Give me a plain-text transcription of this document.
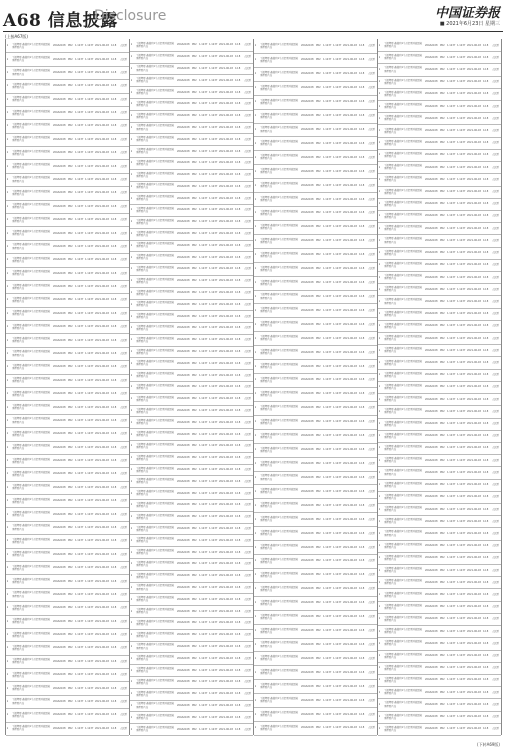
A68 信息披露
Disclosure	中国证券报
■ 2021年6月23日 星期三
(上接A67版)
9	工银理财·鑫稳利1个月定期开放固收类理财产品
20GS2108	PR2 1.1237 1.1237 2021-06-18 12.8	人民币
9	工银理财·鑫稳利1个月定期开放固收类理财产品
20GS2108	PR2 1.1237 1.1237 2021-06-18 12.8	人民币
9	工银理财·鑫稳利1个月定期开放固收类理财产品
20GS2108	PR2 1.1237 1.1237 2021-06-18 12.8	人民币
9	工银理财·鑫稳利1个月定期开放固收类理财产品
20GS2108	PR2 1.1237 1.1237 2021-06-18 12.8	人民币
9	工银理财·鑫稳利1个月定期开放固收类理财产品
20GS2108	PR2 1.1237 1.1237 2021-06-18 12.8	人民币
9	工银理财·鑫稳利1个月定期开放固收类理财产品
20GS2108	PR2 1.1237 1.1237 2021-06-18 12.8	人民币
9	工银理财·鑫稳利1个月定期开放固收类理财产品
20GS2108	PR2 1.1237 1.1237 2021-06-18 12.8	人民币
9	工银理财·鑫稳利1个月定期开放固收类理财产品
20GS2108	PR2 1.1237 1.1237 2021-06-18 12.8	人民币
9	工银理财·鑫稳利1个月定期开放固收类理财产品
20GS2108	PR2 1.1237 1.1237 2021-06-18 12.8	人民币
9	工银理财·鑫稳利1个月定期开放固收类理财产品
20GS2108	PR2 1.1237 1.1237 2021-06-18 12.8	人民币
9	工银理财·鑫稳利1个月定期开放固收类理财产品
20GS2108	PR2 1.1237 1.1237 2021-06-18 12.8	人民币
9	工银理财·鑫稳利1个月定期开放固收类理财产品
20GS2108	PR2 1.1237 1.1237 2021-06-18 12.8	人民币
9	工银理财·鑫稳利1个月定期开放固收类理财产品
20GS2108	PR2 1.1237 1.1237 2021-06-18 12.8	人民币
9	工银理财·鑫稳利1个月定期开放固收类理财产品
20GS2108	PR2 1.1237 1.1237 2021-06-18 12.8	人民币
9	工银理财·鑫稳利1个月定期开放固收类理财产品
20GS2108	PR2 1.1237 1.1237 2021-06-18 12.8	人民币
9	工银理财·鑫稳利1个月定期开放固收类理财产品
20GS2108	PR2 1.1237 1.1237 2021-06-18 12.8	人民币
9	工银理财·鑫稳利1个月定期开放固收类理财产品
20GS2108	PR2 1.1237 1.1237 2021-06-18 12.8	人民币
9	工银理财·鑫稳利1个月定期开放固收类理财产品
20GS2108	PR2 1.1237 1.1237 2021-06-18 12.8	人民币
9	工银理财·鑫稳利1个月定期开放固收类理财产品
20GS2108	PR2 1.1237 1.1237 2021-06-18 12.8	人民币
9	工银理财·鑫稳利1个月定期开放固收类理财产品
20GS2108	PR2 1.1237 1.1237 2021-06-18 12.8	人民币
9	工银理财·鑫稳利1个月定期开放固收类理财产品
20GS2108	PR2 1.1237 1.1237 2021-06-18 12.8	人民币
9	工银理财·鑫稳利1个月定期开放固收类理财产品
20GS2108	PR2 1.1237 1.1237 2021-06-18 12.8	人民币
9	工银理财·鑫稳利1个月定期开放固收类理财产品
20GS2108	PR2 1.1237 1.1237 2021-06-18 12.8	人民币
9	工银理财·鑫稳利1个月定期开放固收类理财产品
20GS2108	PR2 1.1237 1.1237 2021-06-18 12.8	人民币
9	工银理财·鑫稳利1个月定期开放固收类理财产品
20GS2108	PR2 1.1237 1.1237 2021-06-18 12.8	人民币
9	工银理财·鑫稳利1个月定期开放固收类理财产品
20GS2108	PR2 1.1237 1.1237 2021-06-18 12.8	人民币
9	工银理财·鑫稳利1个月定期开放固收类理财产品
20GS2108	PR2 1.1237 1.1237 2021-06-18 12.8	人民币
9	工银理财·鑫稳利1个月定期开放固收类理财产品
20GS2108	PR2 1.1237 1.1237 2021-06-18 12.8	人民币
9	工银理财·鑫稳利1个月定期开放固收类理财产品
20GS2108	PR2 1.1237 1.1237 2021-06-18 12.8	人民币
9	工银理财·鑫稳利1个月定期开放固收类理财产品
20GS2108	PR2 1.1237 1.1237 2021-06-18 12.8	人民币
9	工银理财·鑫稳利1个月定期开放固收类理财产品
20GS2108	PR2 1.1237 1.1237 2021-06-18 12.8	人民币
9	工银理财·鑫稳利1个月定期开放固收类理财产品
20GS2108	PR2 1.1237 1.1237 2021-06-18 12.8	人民币
9	工银理财·鑫稳利1个月定期开放固收类理财产品
20GS2108	PR2 1.1237 1.1237 2021-06-18 12.8	人民币
9	工银理财·鑫稳利1个月定期开放固收类理财产品
20GS2108	PR2 1.1237 1.1237 2021-06-18 12.8	人民币
9	工银理财·鑫稳利1个月定期开放固收类理财产品
20GS2108	PR2 1.1237 1.1237 2021-06-18 12.8	人民币
9	工银理财·鑫稳利1个月定期开放固收类理财产品
20GS2108	PR2 1.1237 1.1237 2021-06-18 12.8	人民币
9	工银理财·鑫稳利1个月定期开放固收类理财产品
20GS2108	PR2 1.1237 1.1237 2021-06-18 12.8	人民币
9	工银理财·鑫稳利1个月定期开放固收类理财产品
20GS2108	PR2 1.1237 1.1237 2021-06-18 12.8	人民币
9	工银理财·鑫稳利1个月定期开放固收类理财产品
20GS2108	PR2 1.1237 1.1237 2021-06-18 12.8	人民币
9	工银理财·鑫稳利1个月定期开放固收类理财产品
20GS2108	PR2 1.1237 1.1237 2021-06-18 12.8	人民币
9	工银理财·鑫稳利1个月定期开放固收类理财产品
20GS2108	PR2 1.1237 1.1237 2021-06-18 12.8	人民币
9	工银理财·鑫稳利1个月定期开放固收类理财产品
20GS2108	PR2 1.1237 1.1237 2021-06-18 12.8	人民币
9	工银理财·鑫稳利1个月定期开放固收类理财产品
20GS2108	PR2 1.1237 1.1237 2021-06-18 12.8	人民币
9	工银理财·鑫稳利1个月定期开放固收类理财产品
20GS2108	PR2 1.1237 1.1237 2021-06-18 12.8	人民币
9	工银理财·鑫稳利1个月定期开放固收类理财产品
20GS2108	PR2 1.1237 1.1237 2021-06-18 12.8	人民币
9	工银理财·鑫稳利1个月定期开放固收类理财产品
20GS2108	PR2 1.1237 1.1237 2021-06-18 12.8	人民币
9	工银理财·鑫稳利1个月定期开放固收类理财产品
20GS2108	PR2 1.1237 1.1237 2021-06-18 12.8	人民币
9	工银理财·鑫稳利1个月定期开放固收类理财产品
20GS2108	PR2 1.1237 1.1237 2021-06-18 12.8	人民币
9	工银理财·鑫稳利1个月定期开放固收类理财产品
20GS2108	PR2 1.1237 1.1237 2021-06-18 12.8	人民币
9	工银理财·鑫稳利1个月定期开放固收类理财产品
20GS2108	PR2 1.1237 1.1237 2021-06-18 12.8	人民币
9	工银理财·鑫稳利1个月定期开放固收类理财产品
20GS2108	PR2 1.1237 1.1237 2021-06-18 12.8	人民币
9	工银理财·鑫稳利1个月定期开放固收类理财产品
20GS2108	PR2 1.1237 1.1237 2021-06-18 12.8	人民币
9	工银理财·鑫稳利1个月定期开放固收类理财产品
20GS2108	PR2 1.1237 1.1237 2021-06-18 12.8	人民币
9	工银理财·鑫稳利1个月定期开放固收类理财产品
20GS2108	PR2 1.1237 1.1237 2021-06-18 12.8	人民币
9	工银理财·鑫稳利1个月定期开放固收类理财产品
20GS2108	PR2 1.1237 1.1237 2021-06-18 12.8	人民币
9	工银理财·鑫稳利1个月定期开放固收类理财产品
20GS2108	PR2 1.1237 1.1237 2021-06-18 12.8	人民币
9	工银理财·鑫稳利1个月定期开放固收类理财产品
20GS2108	PR2 1.1237 1.1237 2021-06-18 12.8	人民币
9	工银理财·鑫稳利1个月定期开放固收类理财产品
20GS2108	PR2 1.1237 1.1237 2021-06-18 12.8	人民币
9	工银理财·鑫稳利1个月定期开放固收类理财产品
20GS2108	PR2 1.1237 1.1237 2021-06-18 12.8	人民币
9	工银理财·鑫稳利1个月定期开放固收类理财产品
20GS2108	PR2 1.1237 1.1237 2021-06-18 12.8	人民币
9	工银理财·鑫稳利1个月定期开放固收类理财产品
20GS2108	PR2 1.1237 1.1237 2021-06-18 12.8	人民币
9	工银理财·鑫稳利1个月定期开放固收类理财产品
20GS2108	PR2 1.1237 1.1237 2021-06-18 12.8	人民币
9	工银理财·鑫稳利1个月定期开放固收类理财产品
20GS2108	PR2 1.1237 1.1237 2021-06-18 12.8	人民币
9	工银理财·鑫稳利1个月定期开放固收类理财产品
20GS2108	PR2 1.1237 1.1237 2021-06-18 12.8	人民币
9	工银理财·鑫稳利1个月定期开放固收类理财产品
20GS2108	PR2 1.1237 1.1237 2021-06-18 12.8	人民币
9	工银理财·鑫稳利1个月定期开放固收类理财产品
20GS2108	PR2 1.1237 1.1237 2021-06-18 12.8	人民币
9	工银理财·鑫稳利1个月定期开放固收类理财产品
20GS2108	PR2 1.1237 1.1237 2021-06-18 12.8	人民币
9	工银理财·鑫稳利1个月定期开放固收类理财产品
20GS2108	PR2 1.1237 1.1237 2021-06-18 12.8	人民币
9	工银理财·鑫稳利1个月定期开放固收类理财产品
20GS2108	PR2 1.1237 1.1237 2021-06-18 12.8	人民币
9	工银理财·鑫稳利1个月定期开放固收类理财产品
20GS2108	PR2 1.1237 1.1237 2021-06-18 12.8	人民币
9	工银理财·鑫稳利1个月定期开放固收类理财产品
20GS2108	PR2 1.1237 1.1237 2021-06-18 12.8	人民币
9	工银理财·鑫稳利1个月定期开放固收类理财产品
20GS2108	PR2 1.1237 1.1237 2021-06-18 12.8	人民币
9	工银理财·鑫稳利1个月定期开放固收类理财产品
20GS2108	PR2 1.1237 1.1237 2021-06-18 12.8	人民币
9	工银理财·鑫稳利1个月定期开放固收类理财产品
20GS2108	PR2 1.1237 1.1237 2021-06-18 12.8	人民币
9	工银理财·鑫稳利1个月定期开放固收类理财产品
20GS2108	PR2 1.1237 1.1237 2021-06-18 12.8	人民币
9	工银理财·鑫稳利1个月定期开放固收类理财产品
20GS2108	PR2 1.1237 1.1237 2021-06-18 12.8	人民币
9	工银理财·鑫稳利1个月定期开放固收类理财产品
20GS2108	PR2 1.1237 1.1237 2021-06-18 12.8	人民币
9	工银理财·鑫稳利1个月定期开放固收类理财产品
20GS2108	PR2 1.1237 1.1237 2021-06-18 12.8	人民币
9	工银理财·鑫稳利1个月定期开放固收类理财产品
20GS2108	PR2 1.1237 1.1237 2021-06-18 12.8	人民币
9	工银理财·鑫稳利1个月定期开放固收类理财产品
20GS2108	PR2 1.1237 1.1237 2021-06-18 12.8	人民币
9	工银理财·鑫稳利1个月定期开放固收类理财产品
20GS2108	PR2 1.1237 1.1237 2021-06-18 12.8	人民币
9	工银理财·鑫稳利1个月定期开放固收类理财产品
20GS2108	PR2 1.1237 1.1237 2021-06-18 12.8	人民币
9	工银理财·鑫稳利1个月定期开放固收类理财产品
20GS2108	PR2 1.1237 1.1237 2021-06-18 12.8	人民币
9	工银理财·鑫稳利1个月定期开放固收类理财产品
20GS2108	PR2 1.1237 1.1237 2021-06-18 12.8	人民币
9	工银理财·鑫稳利1个月定期开放固收类理财产品
20GS2108	PR2 1.1237 1.1237 2021-06-18 12.8	人民币
9	工银理财·鑫稳利1个月定期开放固收类理财产品
20GS2108	PR2 1.1237 1.1237 2021-06-18 12.8	人民币
9	工银理财·鑫稳利1个月定期开放固收类理财产品
20GS2108	PR2 1.1237 1.1237 2021-06-18 12.8	人民币
9	工银理财·鑫稳利1个月定期开放固收类理财产品
20GS2108	PR2 1.1237 1.1237 2021-06-18 12.8	人民币
9	工银理财·鑫稳利1个月定期开放固收类理财产品
20GS2108	PR2 1.1237 1.1237 2021-06-18 12.8	人民币
9	工银理财·鑫稳利1个月定期开放固收类理财产品
20GS2108	PR2 1.1237 1.1237 2021-06-18 12.8	人民币
9	工银理财·鑫稳利1个月定期开放固收类理财产品
20GS2108	PR2 1.1237 1.1237 2021-06-18 12.8	人民币
9	工银理财·鑫稳利1个月定期开放固收类理财产品
20GS2108	PR2 1.1237 1.1237 2021-06-18 12.8	人民币
9	工银理财·鑫稳利1个月定期开放固收类理财产品
20GS2108	PR2 1.1237 1.1237 2021-06-18 12.8	人民币
9	工银理财·鑫稳利1个月定期开放固收类理财产品
20GS2108	PR2 1.1237 1.1237 2021-06-18 12.8	人民币
9	工银理财·鑫稳利1个月定期开放固收类理财产品
20GS2108	PR2 1.1237 1.1237 2021-06-18 12.8	人民币
9	工银理财·鑫稳利1个月定期开放固收类理财产品
20GS2108	PR2 1.1237 1.1237 2021-06-18 12.8	人民币
9	工银理财·鑫稳利1个月定期开放固收类理财产品
20GS2108	PR2 1.1237 1.1237 2021-06-18 12.8	人民币
9	工银理财·鑫稳利1个月定期开放固收类理财产品
20GS2108	PR2 1.1237 1.1237 2021-06-18 12.8	人民币
9	工银理财·鑫稳利1个月定期开放固收类理财产品
20GS2108	PR2 1.1237 1.1237 2021-06-18 12.8	人民币
9	工银理财·鑫稳利1个月定期开放固收类理财产品
20GS2108	PR2 1.1237 1.1237 2021-06-18 12.8	人民币
9	工银理财·鑫稳利1个月定期开放固收类理财产品
20GS2108	PR2 1.1237 1.1237 2021-06-18 12.8	人民币
9	工银理财·鑫稳利1个月定期开放固收类理财产品
20GS2108	PR2 1.1237 1.1237 2021-06-18 12.8	人民币
9	工银理财·鑫稳利1个月定期开放固收类理财产品
20GS2108	PR2 1.1237 1.1237 2021-06-18 12.8	人民币
9	工银理财·鑫稳利1个月定期开放固收类理财产品
20GS2108	PR2 1.1237 1.1237 2021-06-18 12.8	人民币
9	工银理财·鑫稳利1个月定期开放固收类理财产品
20GS2108	PR2 1.1237 1.1237 2021-06-18 12.8	人民币
9	工银理财·鑫稳利1个月定期开放固收类理财产品
20GS2108	PR2 1.1237 1.1237 2021-06-18 12.8	人民币
9	工银理财·鑫稳利1个月定期开放固收类理财产品
20GS2108	PR2 1.1237 1.1237 2021-06-18 12.8	人民币
9	工银理财·鑫稳利1个月定期开放固收类理财产品
20GS2108	PR2 1.1237 1.1237 2021-06-18 12.8	人民币
9	工银理财·鑫稳利1个月定期开放固收类理财产品
20GS2108	PR2 1.1237 1.1237 2021-06-18 12.8	人民币
9	工银理财·鑫稳利1个月定期开放固收类理财产品
20GS2108	PR2 1.1237 1.1237 2021-06-18 12.8	人民币
9	工银理财·鑫稳利1个月定期开放固收类理财产品
20GS2108	PR2 1.1237 1.1237 2021-06-18 12.8	人民币
9	工银理财·鑫稳利1个月定期开放固收类理财产品
20GS2108	PR2 1.1237 1.1237 2021-06-18 12.8	人民币
9	工银理财·鑫稳利1个月定期开放固收类理财产品
20GS2108	PR2 1.1237 1.1237 2021-06-18 12.8	人民币
9	工银理财·鑫稳利1个月定期开放固收类理财产品
20GS2108	PR2 1.1237 1.1237 2021-06-18 12.8	人民币
9	工银理财·鑫稳利1个月定期开放固收类理财产品
20GS2108	PR2 1.1237 1.1237 2021-06-18 12.8	人民币
9	工银理财·鑫稳利1个月定期开放固收类理财产品
20GS2108	PR2 1.1237 1.1237 2021-06-18 12.8	人民币
9	工银理财·鑫稳利1个月定期开放固收类理财产品
20GS2108	PR2 1.1237 1.1237 2021-06-18 12.8	人民币
9	工银理财·鑫稳利1个月定期开放固收类理财产品
20GS2108	PR2 1.1237 1.1237 2021-06-18 12.8	人民币
9	工银理财·鑫稳利1个月定期开放固收类理财产品
20GS2108	PR2 1.1237 1.1237 2021-06-18 12.8	人民币
9	工银理财·鑫稳利1个月定期开放固收类理财产品
20GS2108	PR2 1.1237 1.1237 2021-06-18 12.8	人民币
9	工银理财·鑫稳利1个月定期开放固收类理财产品
20GS2108	PR2 1.1237 1.1237 2021-06-18 12.8	人民币
9	工银理财·鑫稳利1个月定期开放固收类理财产品
20GS2108	PR2 1.1237 1.1237 2021-06-18 12.8	人民币
9	工银理财·鑫稳利1个月定期开放固收类理财产品
20GS2108	PR2 1.1237 1.1237 2021-06-18 12.8	人民币
9	工银理财·鑫稳利1个月定期开放固收类理财产品
20GS2108	PR2 1.1237 1.1237 2021-06-18 12.8	人民币
9	工银理财·鑫稳利1个月定期开放固收类理财产品
20GS2108	PR2 1.1237 1.1237 2021-06-18 12.8	人民币
9	工银理财·鑫稳利1个月定期开放固收类理财产品
20GS2108	PR2 1.1237 1.1237 2021-06-18 12.8	人民币
9	工银理财·鑫稳利1个月定期开放固收类理财产品
20GS2108	PR2 1.1237 1.1237 2021-06-18 12.8	人民币
9	工银理财·鑫稳利1个月定期开放固收类理财产品
20GS2108	PR2 1.1237 1.1237 2021-06-18 12.8	人民币
9	工银理财·鑫稳利1个月定期开放固收类理财产品
20GS2108	PR2 1.1237 1.1237 2021-06-18 12.8	人民币
9	工银理财·鑫稳利1个月定期开放固收类理财产品
20GS2108	PR2 1.1237 1.1237 2021-06-18 12.8	人民币
9	工银理财·鑫稳利1个月定期开放固收类理财产品
20GS2108	PR2 1.1237 1.1237 2021-06-18 12.8	人民币
9	工银理财·鑫稳利1个月定期开放固收类理财产品
20GS2108	PR2 1.1237 1.1237 2021-06-18 12.8	人民币
9	工银理财·鑫稳利1个月定期开放固收类理财产品
20GS2108	PR2 1.1237 1.1237 2021-06-18 12.8	人民币
9	工银理财·鑫稳利1个月定期开放固收类理财产品
20GS2108	PR2 1.1237 1.1237 2021-06-18 12.8	人民币
9	工银理财·鑫稳利1个月定期开放固收类理财产品
20GS2108	PR2 1.1237 1.1237 2021-06-18 12.8	人民币
9	工银理财·鑫稳利1个月定期开放固收类理财产品
20GS2108	PR2 1.1237 1.1237 2021-06-18 12.8	人民币
9	工银理财·鑫稳利1个月定期开放固收类理财产品
20GS2108	PR2 1.1237 1.1237 2021-06-18 12.8	人民币
9	工银理财·鑫稳利1个月定期开放固收类理财产品
20GS2108	PR2 1.1237 1.1237 2021-06-18 12.8	人民币
9	工银理财·鑫稳利1个月定期开放固收类理财产品
20GS2108	PR2 1.1237 1.1237 2021-06-18 12.8	人民币
9	工银理财·鑫稳利1个月定期开放固收类理财产品
20GS2108	PR2 1.1237 1.1237 2021-06-18 12.8	人民币
9	工银理财·鑫稳利1个月定期开放固收类理财产品
20GS2108	PR2 1.1237 1.1237 2021-06-18 12.8	人民币
9	工银理财·鑫稳利1个月定期开放固收类理财产品
20GS2108	PR2 1.1237 1.1237 2021-06-18 12.8	人民币
9	工银理财·鑫稳利1个月定期开放固收类理财产品
20GS2108	PR2 1.1237 1.1237 2021-06-18 12.8	人民币
9	工银理财·鑫稳利1个月定期开放固收类理财产品
20GS2108	PR2 1.1237 1.1237 2021-06-18 12.8	人民币
9	工银理财·鑫稳利1个月定期开放固收类理财产品
20GS2108	PR2 1.1237 1.1237 2021-06-18 12.8	人民币
9	工银理财·鑫稳利1个月定期开放固收类理财产品
20GS2108	PR2 1.1237 1.1237 2021-06-18 12.8	人民币
9	工银理财·鑫稳利1个月定期开放固收类理财产品
20GS2108	PR2 1.1237 1.1237 2021-06-18 12.8	人民币
9	工银理财·鑫稳利1个月定期开放固收类理财产品
20GS2108	PR2 1.1237 1.1237 2021-06-18 12.8	人民币
9	工银理财·鑫稳利1个月定期开放固收类理财产品
20GS2108	PR2 1.1237 1.1237 2021-06-18 12.8	人民币
9	工银理财·鑫稳利1个月定期开放固收类理财产品
20GS2108	PR2 1.1237 1.1237 2021-06-18 12.8	人民币
9	工银理财·鑫稳利1个月定期开放固收类理财产品
20GS2108	PR2 1.1237 1.1237 2021-06-18 12.8	人民币
9	工银理财·鑫稳利1个月定期开放固收类理财产品
20GS2108	PR2 1.1237 1.1237 2021-06-18 12.8	人民币
9	工银理财·鑫稳利1个月定期开放固收类理财产品
20GS2108	PR2 1.1237 1.1237 2021-06-18 12.8	人民币
9	工银理财·鑫稳利1个月定期开放固收类理财产品
20GS2108	PR2 1.1237 1.1237 2021-06-18 12.8	人民币
9	工银理财·鑫稳利1个月定期开放固收类理财产品
20GS2108	PR2 1.1237 1.1237 2021-06-18 12.8	人民币
9	工银理财·鑫稳利1个月定期开放固收类理财产品
20GS2108	PR2 1.1237 1.1237 2021-06-18 12.8	人民币
9	工银理财·鑫稳利1个月定期开放固收类理财产品
20GS2108	PR2 1.1237 1.1237 2021-06-18 12.8	人民币
9	工银理财·鑫稳利1个月定期开放固收类理财产品
20GS2108	PR2 1.1237 1.1237 2021-06-18 12.8	人民币
9	工银理财·鑫稳利1个月定期开放固收类理财产品
20GS2108	PR2 1.1237 1.1237 2021-06-18 12.8	人民币
9	工银理财·鑫稳利1个月定期开放固收类理财产品
20GS2108	PR2 1.1237 1.1237 2021-06-18 12.8	人民币
9	工银理财·鑫稳利1个月定期开放固收类理财产品
20GS2108	PR2 1.1237 1.1237 2021-06-18 12.8	人民币
9	工银理财·鑫稳利1个月定期开放固收类理财产品
20GS2108	PR2 1.1237 1.1237 2021-06-18 12.8	人民币
9	工银理财·鑫稳利1个月定期开放固收类理财产品
20GS2108	PR2 1.1237 1.1237 2021-06-18 12.8	人民币
9	工银理财·鑫稳利1个月定期开放固收类理财产品
20GS2108	PR2 1.1237 1.1237 2021-06-18 12.8	人民币
9	工银理财·鑫稳利1个月定期开放固收类理财产品
20GS2108	PR2 1.1237 1.1237 2021-06-18 12.8	人民币
9	工银理财·鑫稳利1个月定期开放固收类理财产品
20GS2108	PR2 1.1237 1.1237 2021-06-18 12.8	人民币
9	工银理财·鑫稳利1个月定期开放固收类理财产品
20GS2108	PR2 1.1237 1.1237 2021-06-18 12.8	人民币
9	工银理财·鑫稳利1个月定期开放固收类理财产品
20GS2108	PR2 1.1237 1.1237 2021-06-18 12.8	人民币
9	工银理财·鑫稳利1个月定期开放固收类理财产品
20GS2108	PR2 1.1237 1.1237 2021-06-18 12.8	人民币
9	工银理财·鑫稳利1个月定期开放固收类理财产品
20GS2108	PR2 1.1237 1.1237 2021-06-18 12.8	人民币
9	工银理财·鑫稳利1个月定期开放固收类理财产品
20GS2108	PR2 1.1237 1.1237 2021-06-18 12.8	人民币
9	工银理财·鑫稳利1个月定期开放固收类理财产品
20GS2108	PR2 1.1237 1.1237 2021-06-18 12.8	人民币
9	工银理财·鑫稳利1个月定期开放固收类理财产品
20GS2108	PR2 1.1237 1.1237 2021-06-18 12.8	人民币
9	工银理财·鑫稳利1个月定期开放固收类理财产品
20GS2108	PR2 1.1237 1.1237 2021-06-18 12.8	人民币
9	工银理财·鑫稳利1个月定期开放固收类理财产品
20GS2108	PR2 1.1237 1.1237 2021-06-18 12.8	人民币
9	工银理财·鑫稳利1个月定期开放固收类理财产品
20GS2108	PR2 1.1237 1.1237 2021-06-18 12.8	人民币
9	工银理财·鑫稳利1个月定期开放固收类理财产品
20GS2108	PR2 1.1237 1.1237 2021-06-18 12.8	人民币
9	工银理财·鑫稳利1个月定期开放固收类理财产品
20GS2108	PR2 1.1237 1.1237 2021-06-18 12.8	人民币
9	工银理财·鑫稳利1个月定期开放固收类理财产品
20GS2108	PR2 1.1237 1.1237 2021-06-18 12.8	人民币
9	工银理财·鑫稳利1个月定期开放固收类理财产品
20GS2108	PR2 1.1237 1.1237 2021-06-18 12.8	人民币
9	工银理财·鑫稳利1个月定期开放固收类理财产品
20GS2108	PR2 1.1237 1.1237 2021-06-18 12.8	人民币
9	工银理财·鑫稳利1个月定期开放固收类理财产品
20GS2108	PR2 1.1237 1.1237 2021-06-18 12.8	人民币
9	工银理财·鑫稳利1个月定期开放固收类理财产品
20GS2108	PR2 1.1237 1.1237 2021-06-18 12.8	人民币
9	工银理财·鑫稳利1个月定期开放固收类理财产品
20GS2108	PR2 1.1237 1.1237 2021-06-18 12.8	人民币
9	工银理财·鑫稳利1个月定期开放固收类理财产品
20GS2108	PR2 1.1237 1.1237 2021-06-18 12.8	人民币
9	工银理财·鑫稳利1个月定期开放固收类理财产品
20GS2108	PR2 1.1237 1.1237 2021-06-18 12.8	人民币
9	工银理财·鑫稳利1个月定期开放固收类理财产品
20GS2108	PR2 1.1237 1.1237 2021-06-18 12.8	人民币
9	工银理财·鑫稳利1个月定期开放固收类理财产品
20GS2108	PR2 1.1237 1.1237 2021-06-18 12.8	人民币
9	工银理财·鑫稳利1个月定期开放固收类理财产品
20GS2108	PR2 1.1237 1.1237 2021-06-18 12.8	人民币
9	工银理财·鑫稳利1个月定期开放固收类理财产品
20GS2108	PR2 1.1237 1.1237 2021-06-18 12.8	人民币
9	工银理财·鑫稳利1个月定期开放固收类理财产品
20GS2108	PR2 1.1237 1.1237 2021-06-18 12.8	人民币
9	工银理财·鑫稳利1个月定期开放固收类理财产品
20GS2108	PR2 1.1237 1.1237 2021-06-18 12.8	人民币
9	工银理财·鑫稳利1个月定期开放固收类理财产品
20GS2108	PR2 1.1237 1.1237 2021-06-18 12.8	人民币
9	工银理财·鑫稳利1个月定期开放固收类理财产品
20GS2108	PR2 1.1237 1.1237 2021-06-18 12.8	人民币
9	工银理财·鑫稳利1个月定期开放固收类理财产品
20GS2108	PR2 1.1237 1.1237 2021-06-18 12.8	人民币
9	工银理财·鑫稳利1个月定期开放固收类理财产品
20GS2108	PR2 1.1237 1.1237 2021-06-18 12.8	人民币
9	工银理财·鑫稳利1个月定期开放固收类理财产品
20GS2108	PR2 1.1237 1.1237 2021-06-18 12.8	人民币
9	工银理财·鑫稳利1个月定期开放固收类理财产品
20GS2108	PR2 1.1237 1.1237 2021-06-18 12.8	人民币
9	工银理财·鑫稳利1个月定期开放固收类理财产品
20GS2108	PR2 1.1237 1.1237 2021-06-18 12.8	人民币
9	工银理财·鑫稳利1个月定期开放固收类理财产品
20GS2108	PR2 1.1237 1.1237 2021-06-18 12.8	人民币
9	工银理财·鑫稳利1个月定期开放固收类理财产品
20GS2108	PR2 1.1237 1.1237 2021-06-18 12.8	人民币
9	工银理财·鑫稳利1个月定期开放固收类理财产品
20GS2108	PR2 1.1237 1.1237 2021-06-18 12.8	人民币
9	工银理财·鑫稳利1个月定期开放固收类理财产品
20GS2108	PR2 1.1237 1.1237 2021-06-18 12.8	人民币
9	工银理财·鑫稳利1个月定期开放固收类理财产品
20GS2108	PR2 1.1237 1.1237 2021-06-18 12.8	人民币
9	工银理财·鑫稳利1个月定期开放固收类理财产品
20GS2108	PR2 1.1237 1.1237 2021-06-18 12.8	人民币
9	工银理财·鑫稳利1个月定期开放固收类理财产品
20GS2108	PR2 1.1237 1.1237 2021-06-18 12.8	人民币
9	工银理财·鑫稳利1个月定期开放固收类理财产品
20GS2108	PR2 1.1237 1.1237 2021-06-18 12.8	人民币
9	工银理财·鑫稳利1个月定期开放固收类理财产品
20GS2108	PR2 1.1237 1.1237 2021-06-18 12.8	人民币
9	工银理财·鑫稳利1个月定期开放固收类理财产品
20GS2108	PR2 1.1237 1.1237 2021-06-18 12.8	人民币
9	工银理财·鑫稳利1个月定期开放固收类理财产品
20GS2108	PR2 1.1237 1.1237 2021-06-18 12.8	人民币
9	工银理财·鑫稳利1个月定期开放固收类理财产品
20GS2108	PR2 1.1237 1.1237 2021-06-18 12.8	人民币
9	工银理财·鑫稳利1个月定期开放固收类理财产品
20GS2108	PR2 1.1237 1.1237 2021-06-18 12.8	人民币
9	工银理财·鑫稳利1个月定期开放固收类理财产品
20GS2108	PR2 1.1237 1.1237 2021-06-18 12.8	人民币
9	工银理财·鑫稳利1个月定期开放固收类理财产品
20GS2108	PR2 1.1237 1.1237 2021-06-18 12.8	人民币
9	工银理财·鑫稳利1个月定期开放固收类理财产品
20GS2108	PR2 1.1237 1.1237 2021-06-18 12.8	人民币
9	工银理财·鑫稳利1个月定期开放固收类理财产品
20GS2108	PR2 1.1237 1.1237 2021-06-18 12.8	人民币
9	工银理财·鑫稳利1个月定期开放固收类理财产品
20GS2108	PR2 1.1237 1.1237 2021-06-18 12.8	人民币
9	工银理财·鑫稳利1个月定期开放固收类理财产品
20GS2108	PR2 1.1237 1.1237 2021-06-18 12.8	人民币
(下转A69版)
